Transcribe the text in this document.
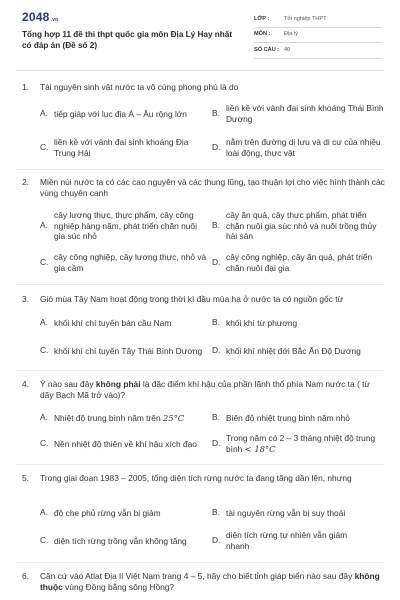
2048.vn
Tổng hợp 11 đề thi thpt quốc gia môn Địa Lý Hay nhất có đáp án (Đề số 2)
LỚP :	Tốt nghiệp THPT
MÔN :	Địa lý
SỐ CÂU : 40
1. Tài nguyên sinh vật nước ta vô cùng phong phú là do
A. tiếp giáp với lục địa Á – Âu rộng lớn	B.
liền kề với vành đai sinh khoáng Thái Bình Dương
C.
liền kề với vành đai sinh khoáng Địa Trung Hải
D.
nằm trên đường di lưu và di cư của nhiều loài động, thực vật
2. Miền núi nước ta có các cao nguyên và các thung lũng, tạo thuận lợi cho việc hình thành các vùng chuyên canh
A.
cây lương thực, thực phẩm, cây công nghiệp hàng năm, phát triển chăn nuôi gia súc nhỏ
B.
cây ăn quả, cây thực phẩm, phát triển chăn nuôi gia súc nhỏ và nuôi trồng thủy hải sản
C.
cây công nghiệp, cây lương thực, nhỏ và gia cầm
D.
cây công nghiệp, cây ăn quả, phát triển chăn nuôi đại gia
3. Gió mùa Tây Nam hoạt động trong thời kì đầu mùa hạ ở nước ta có nguồn gốc từ
A. khối khí chí tuyến bán cầu Nam	B. khối khí từ phương
C. khối khí chí tuyến Tây Thái Bình Dương D. khối khí nhiệt đới Bắc Ấn Độ Dương
4. Ý nào sau đây không phải là đặc điểm khí hậu của phần lãnh thổ phía Nam nước ta ( từ dãy Bạch Mã trở vào)?
A. Nhiệt độ trung bình năm trên 25°C	B. Biên độ nhiệt trung bình năm nhỏ
C. Nền nhiệt độ thiên về khí hậu xích đạo D.
Trong năm có 2 – 3 tháng nhiệt độ trung bình < 18°C
5. Trong giai đoạn 1983 – 2005, tổng diện tích rừng nước ta đang tăng dần lên, nhưng
A. độ che phủ rừng vẫn bị giảm	B. tài nguyên rừng vẫn bị suy thoái
C. diện tích rừng trồng vẫn không tăng	D.
diện tích rừng tự nhiên vẫn giảm nhanh
6. Căn cứ vào Atlat Địa lí Việt Nam trang 4 – 5, hãy cho biết tỉnh giáp biển nào sau đây không thuộc vùng Đồng bằng sông Hồng?
